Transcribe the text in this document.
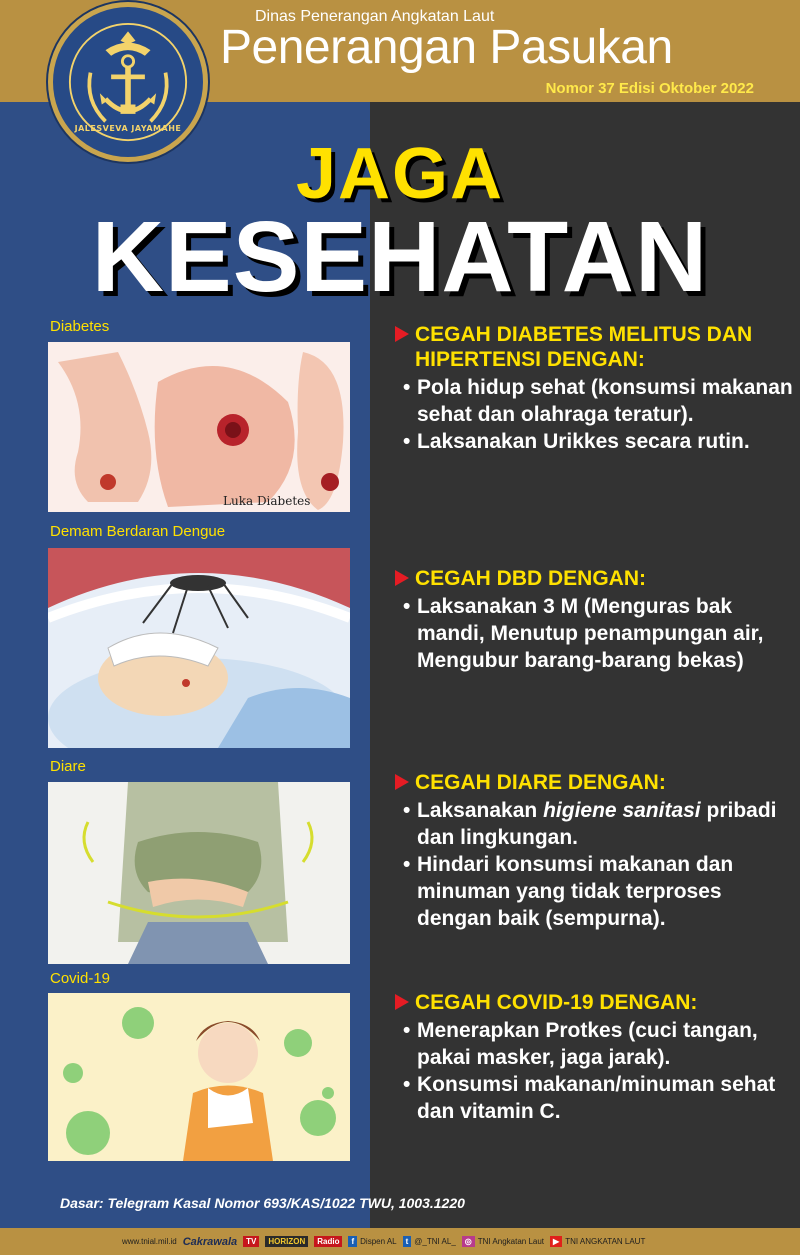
Dinas Penerangan Angkatan Laut
Penerangan Pasukan
Nomor 37 Edisi Oktober 2022
JALESVEVA JAYAMAHE
JAGA
KESEHATAN
Diabetes
Luka Diabetes
Demam Berdaran Dengue
Diare
Covid-19
CEGAH DIABETES MELITUS DAN HIPERTENSI DENGAN:
• Pola hidup sehat (konsumsi makanan sehat dan olahraga teratur).
• Laksanakan Urikkes secara rutin.
CEGAH DBD DENGAN:
• Laksanakan 3 M (Menguras bak mandi, Menutup penampungan air, Mengubur barang-barang bekas)
CEGAH DIARE DENGAN:
• Laksanakan higiene sanitasi pribadi dan lingkungan.
• Hindari konsumsi makanan dan minuman yang tidak terproses dengan baik (sempurna).
CEGAH COVID-19 DENGAN:
• Menerapkan Protkes (cuci tangan, pakai masker, jaga jarak).
• Konsumsi makanan/minuman sehat dan vitamin C.
Dasar: Telegram Kasal Nomor 693/KAS/1022 TWU, 1003.1220
www.tnial.mil.id Cakrawala	TV	HORIZON	Radio	f Dispen AL	t @_TNI AL_	◎ TNI Angkatan Laut	▶ TNI ANGKATAN LAUT
